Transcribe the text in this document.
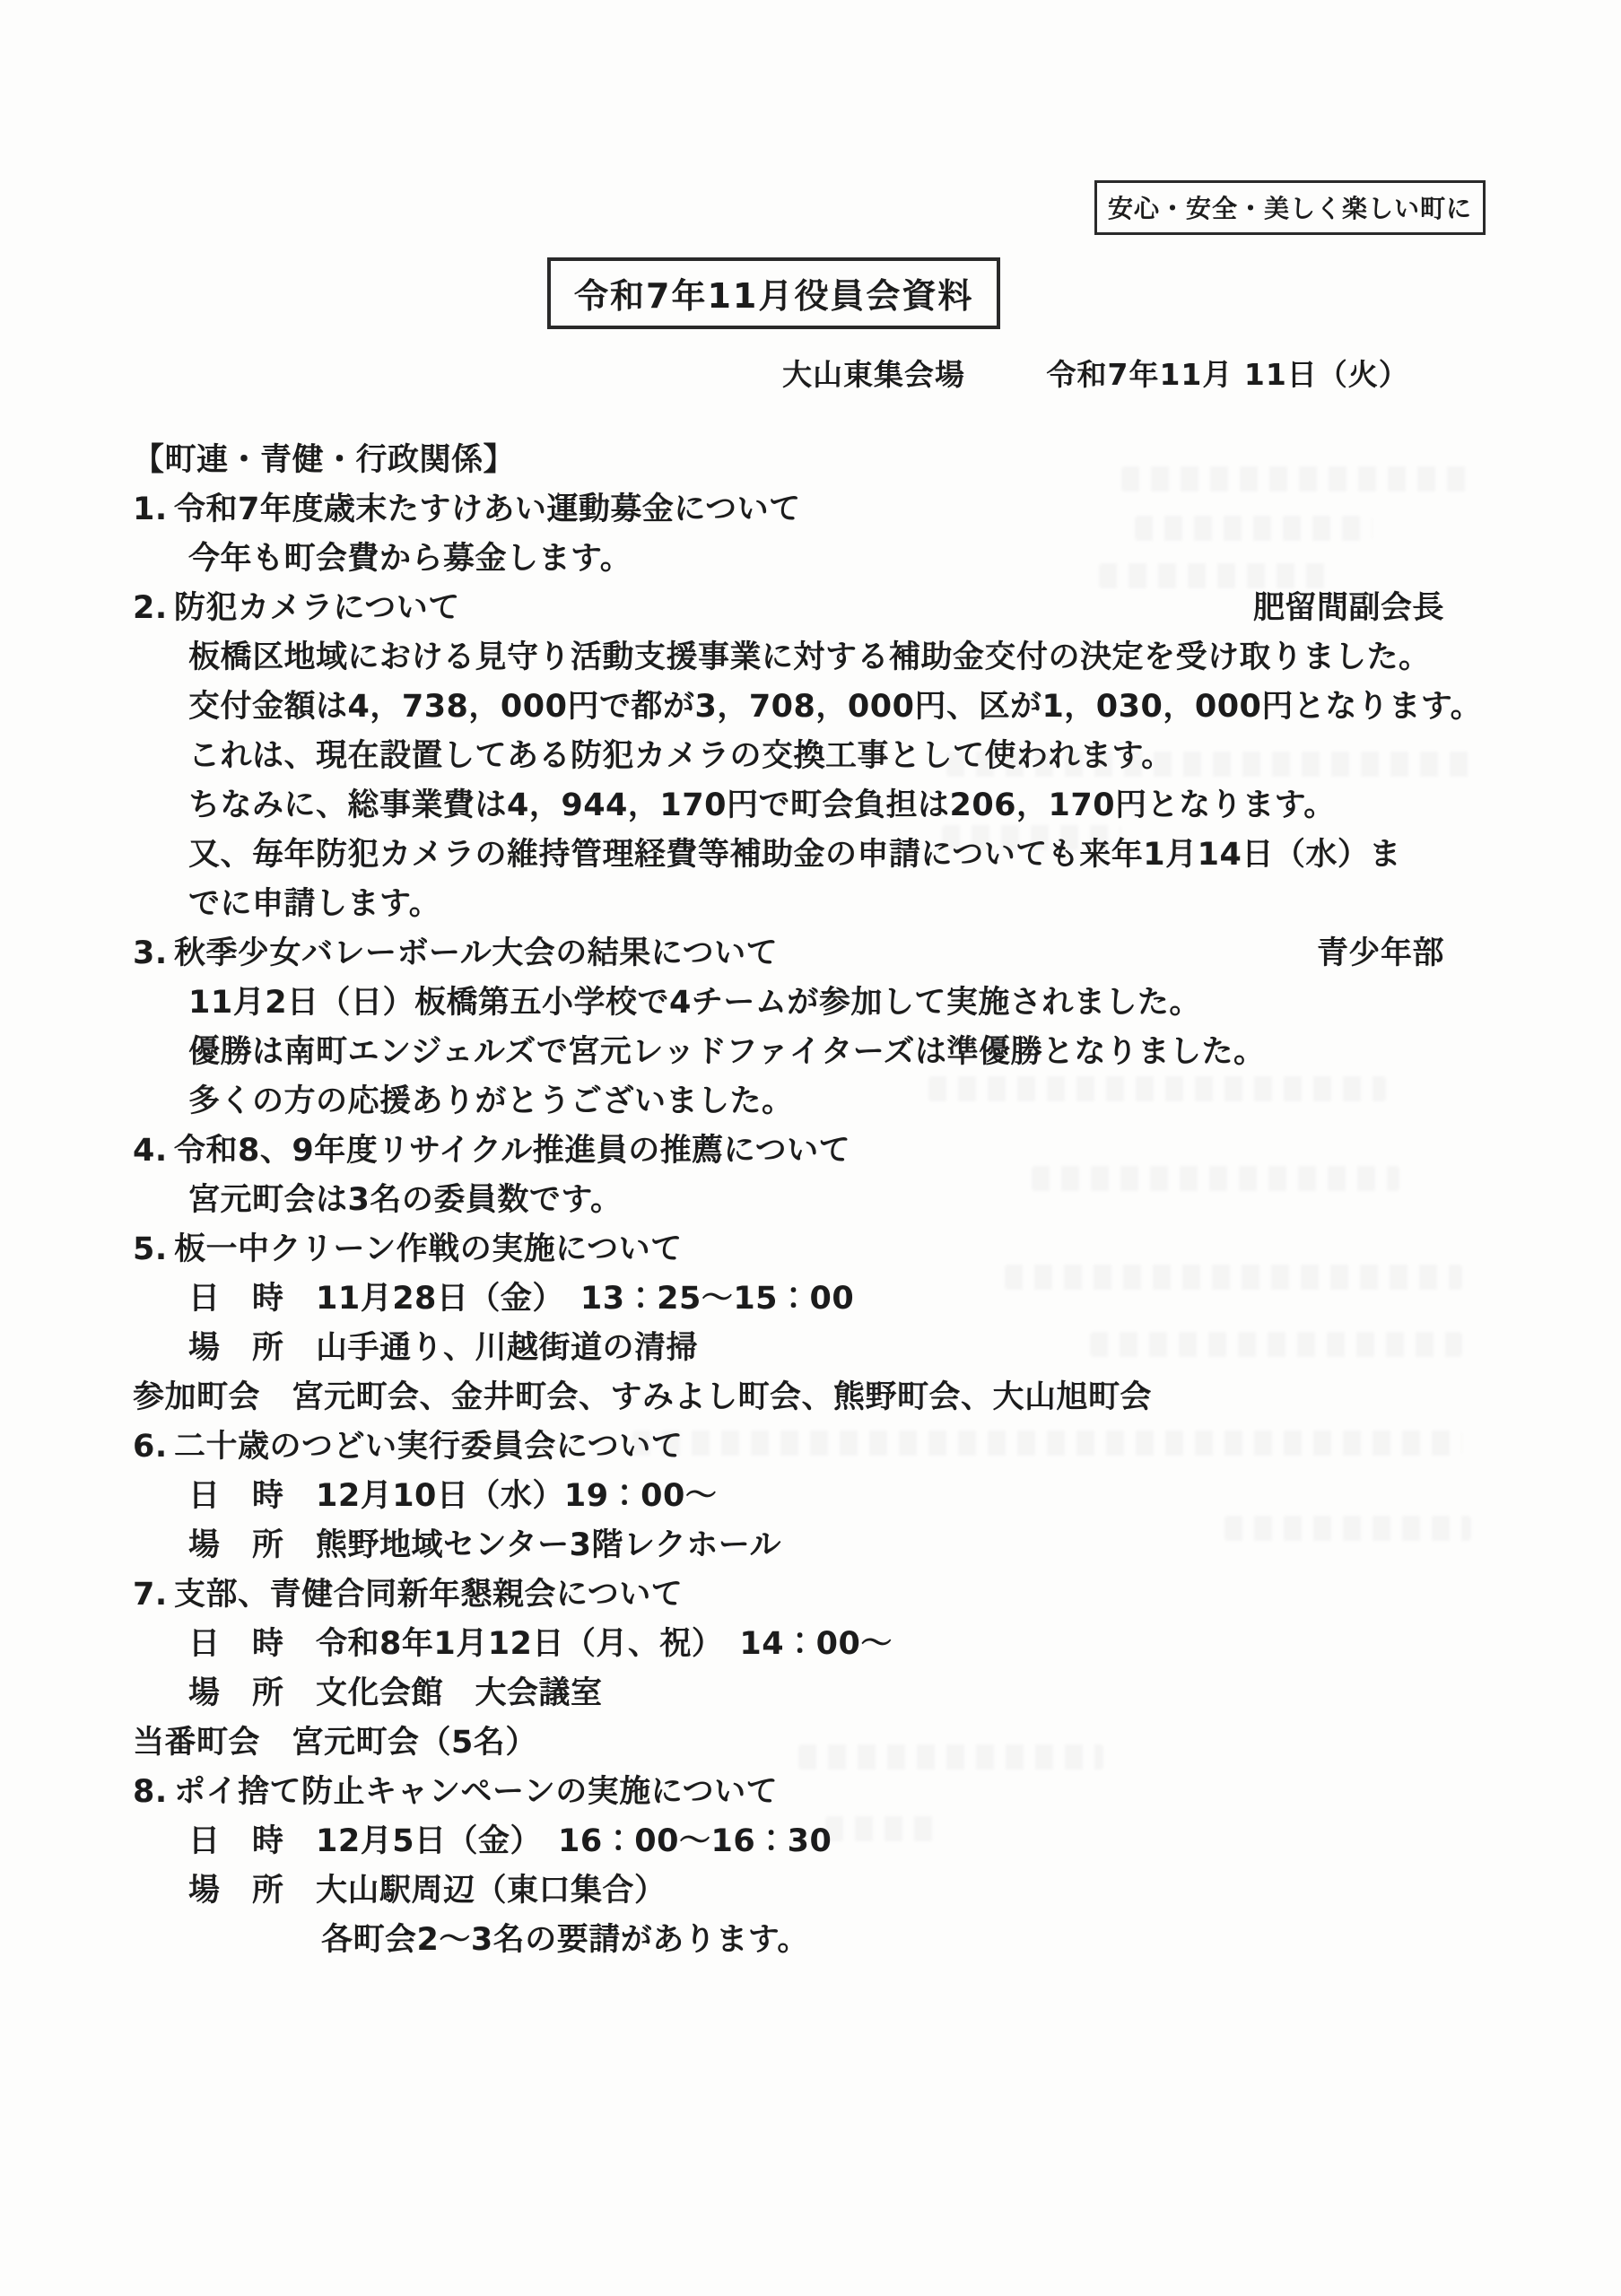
安心・安全・美しく楽しい町に
令和7年11月役員会資料
大山東集会場	令和7年11月 11日（火）
【町連・青健・行政関係】
1. 令和7年度歳末たすけあい運動募金について
今年も町会費から募金します。
2. 防犯カメラについて	肥留間副会長
板橋区地域における見守り活動支援事業に対する補助金交付の決定を受け取りました。
交付金額は4，738，000円で都が3，708，000円、区が1，030，000円となります。
これは、現在設置してある防犯カメラの交換工事として使われます。
ちなみに、総事業費は4，944，170円で町会負担は206，170円となります。
又、毎年防犯カメラの維持管理経費等補助金の申請についても来年1月14日（水）ま
でに申請します。
3. 秋季少女バレーボール大会の結果について	青少年部
11月2日（日）板橋第五小学校で4チームが参加して実施されました。
優勝は南町エンジェルズで宮元レッドファイターズは準優勝となりました。
多くの方の応援ありがとうございました。
4. 令和8、9年度リサイクル推進員の推薦について
宮元町会は3名の委員数です。
5. 板一中クリーン作戦の実施について
日　時　11月28日（金）　13：25～15：00
場　所　山手通り、川越街道の清掃
参加町会　宮元町会、金井町会、すみよし町会、熊野町会、大山旭町会
6. 二十歳のつどい実行委員会について
日　時　12月10日（水）19：00～
場　所　熊野地域センター3階レクホール
7. 支部、青健合同新年懇親会について
日　時　令和8年1月12日（月、祝）　14：00～
場　所　文化会館　大会議室
当番町会　宮元町会（5名）
8. ポイ捨て防止キャンペーンの実施について
日　時　12月5日（金）　16：00～16：30
場　所　大山駅周辺（東口集合）
各町会2～3名の要請があります。
